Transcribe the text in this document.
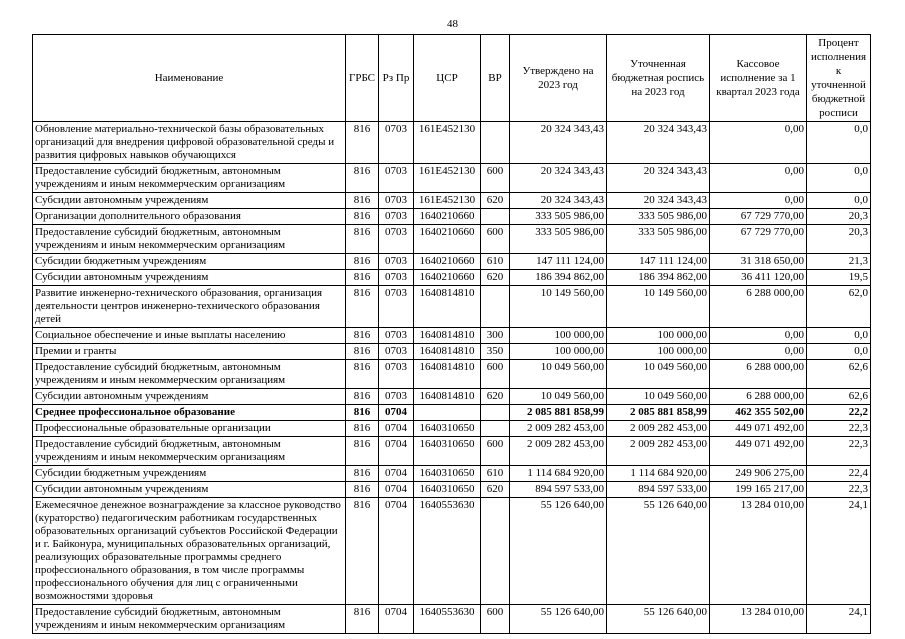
48
Наименование	ГРБС	Рз Пр	ЦСР	ВР	Утверждено на 2023 год	Уточненная бюджетная роспись на 2023 год	Кассовое исполнение за 1 квартал 2023 года	Процент исполнения к уточненной бюджетной росписи
Обновление материально-технической базы образовательных организаций для внедрения цифровой образовательной среды и развития цифровых навыков обучающихся	816	0703	161E452130		20 324 343,43	20 324 343,43	0,00	0,0
Предоставление субсидий бюджетным, автономным учреждениям и иным некоммерческим организациям	816	0703	161E452130	600	20 324 343,43	20 324 343,43	0,00	0,0
Субсидии автономным учреждениям	816	0703	161E452130	620	20 324 343,43	20 324 343,43	0,00	0,0
Организации дополнительного образования	816	0703	1640210660		333 505 986,00	333 505 986,00	67 729 770,00	20,3
Предоставление субсидий бюджетным, автономным учреждениям и иным некоммерческим организациям	816	0703	1640210660	600	333 505 986,00	333 505 986,00	67 729 770,00	20,3
Субсидии бюджетным учреждениям	816	0703	1640210660	610	147 111 124,00	147 111 124,00	31 318 650,00	21,3
Субсидии автономным учреждениям	816	0703	1640210660	620	186 394 862,00	186 394 862,00	36 411 120,00	19,5
Развитие инженерно-технического образования, организация деятельности центров инженерно-технического образования детей	816	0703	1640814810		10 149 560,00	10 149 560,00	6 288 000,00	62,0
Социальное обеспечение и иные выплаты населению	816	0703	1640814810	300	100 000,00	100 000,00	0,00	0,0
Премии и гранты	816	0703	1640814810	350	100 000,00	100 000,00	0,00	0,0
Предоставление субсидий бюджетным, автономным учреждениям и иным некоммерческим организациям	816	0703	1640814810	600	10 049 560,00	10 049 560,00	6 288 000,00	62,6
Субсидии автономным учреждениям	816	0703	1640814810	620	10 049 560,00	10 049 560,00	6 288 000,00	62,6
Среднее профессиональное образование	816	0704			2 085 881 858,99	2 085 881 858,99	462 355 502,00	22,2
Профессиональные образовательные организации	816	0704	1640310650		2 009 282 453,00	2 009 282 453,00	449 071 492,00	22,3
Предоставление субсидий бюджетным, автономным учреждениям и иным некоммерческим организациям	816	0704	1640310650	600	2 009 282 453,00	2 009 282 453,00	449 071 492,00	22,3
Субсидии бюджетным учреждениям	816	0704	1640310650	610	1 114 684 920,00	1 114 684 920,00	249 906 275,00	22,4
Субсидии автономным учреждениям	816	0704	1640310650	620	894 597 533,00	894 597 533,00	199 165 217,00	22,3
Ежемесячное денежное вознаграждение за классное руководство (кураторство) педагогическим работникам государственных образовательных организаций субъектов Российской Федерации и г. Байконура, муниципальных образовательных организаций, реализующих образовательные программы среднего профессионального образования, в том числе программы профессионального обучения для лиц с ограниченными возможностями здоровья	816	0704	1640553630		55 126 640,00	55 126 640,00	13 284 010,00	24,1
Предоставление субсидий бюджетным, автономным учреждениям и иным некоммерческим организациям	816	0704	1640553630	600	55 126 640,00	55 126 640,00	13 284 010,00	24,1
